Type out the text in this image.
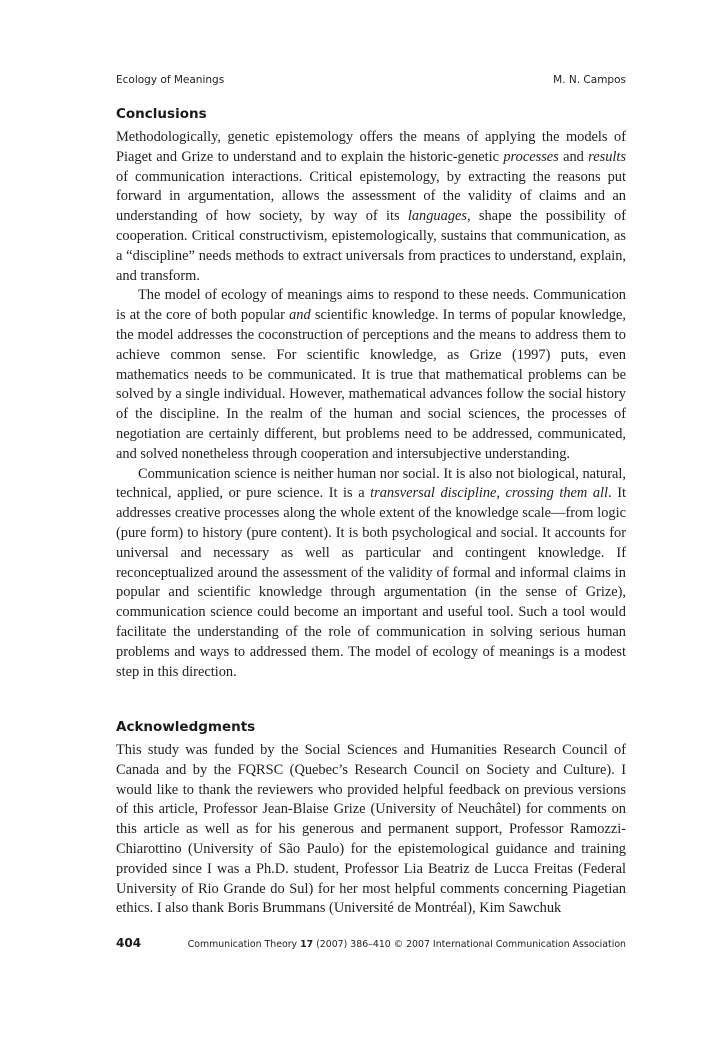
Ecology of Meanings	M. N. Campos
Conclusions

Methodologically, genetic epistemology offers the means of applying the models of Piaget and Grize to understand and to explain the historic-genetic processes and results of communication interactions. Critical epistemology, by extracting the reasons put forward in argumentation, allows the assessment of the validity of claims and an understanding of how society, by way of its languages, shape the possibility of cooperation. Critical constructivism, epistemologically, sustains that communication, as a “discipline” needs methods to extract universals from practices to understand, explain, and transform.

The model of ecology of meanings aims to respond to these needs. Communication is at the core of both popular and scientific knowledge. In terms of popular knowledge, the model addresses the coconstruction of perceptions and the means to address them to achieve common sense. For scientific knowledge, as Grize (1997) puts, even mathematics needs to be communicated. It is true that mathematical problems can be solved by a single individual. However, mathematical advances follow the social history of the discipline. In the realm of the human and social sciences, the processes of negotiation are certainly different, but problems need to be addressed, communicated, and solved nonetheless through cooperation and intersubjective understanding.

Communication science is neither human nor social. It is also not biological, natural, technical, applied, or pure science. It is a transversal discipline, crossing them all. It addresses creative processes along the whole extent of the knowledge scale—from logic (pure form) to history (pure content). It is both psychological and social. It accounts for universal and necessary as well as particular and contingent knowledge. If reconceptualized around the assessment of the validity of formal and informal claims in popular and scientific knowledge through argumentation (in the sense of Grize), communication science could become an important and useful tool. Such a tool would facilitate the understanding of the role of communication in solving serious human problems and ways to addressed them. The model of ecology of meanings is a modest step in this direction.

Acknowledgments

This study was funded by the Social Sciences and Humanities Research Council of Canada and by the FQRSC (Quebec’s Research Council on Society and Culture). I would like to thank the reviewers who provided helpful feedback on previous versions of this article, Professor Jean-Blaise Grize (University of Neuchâtel) for comments on this article as well as for his generous and permanent support, Professor Ramozzi-Chiarottino (University of São Paulo) for the epistemological guidance and training provided since I was a Ph.D. student, Professor Lia Beatriz de Lucca Freitas (Federal University of Rio Grande do Sul) for her most helpful comments concerning Piagetian ethics. I also thank Boris Brummans (Université de Montréal), Kim Sawchuk

404	Communication Theory 17 (2007) 386–410 © 2007 International Communication Association
